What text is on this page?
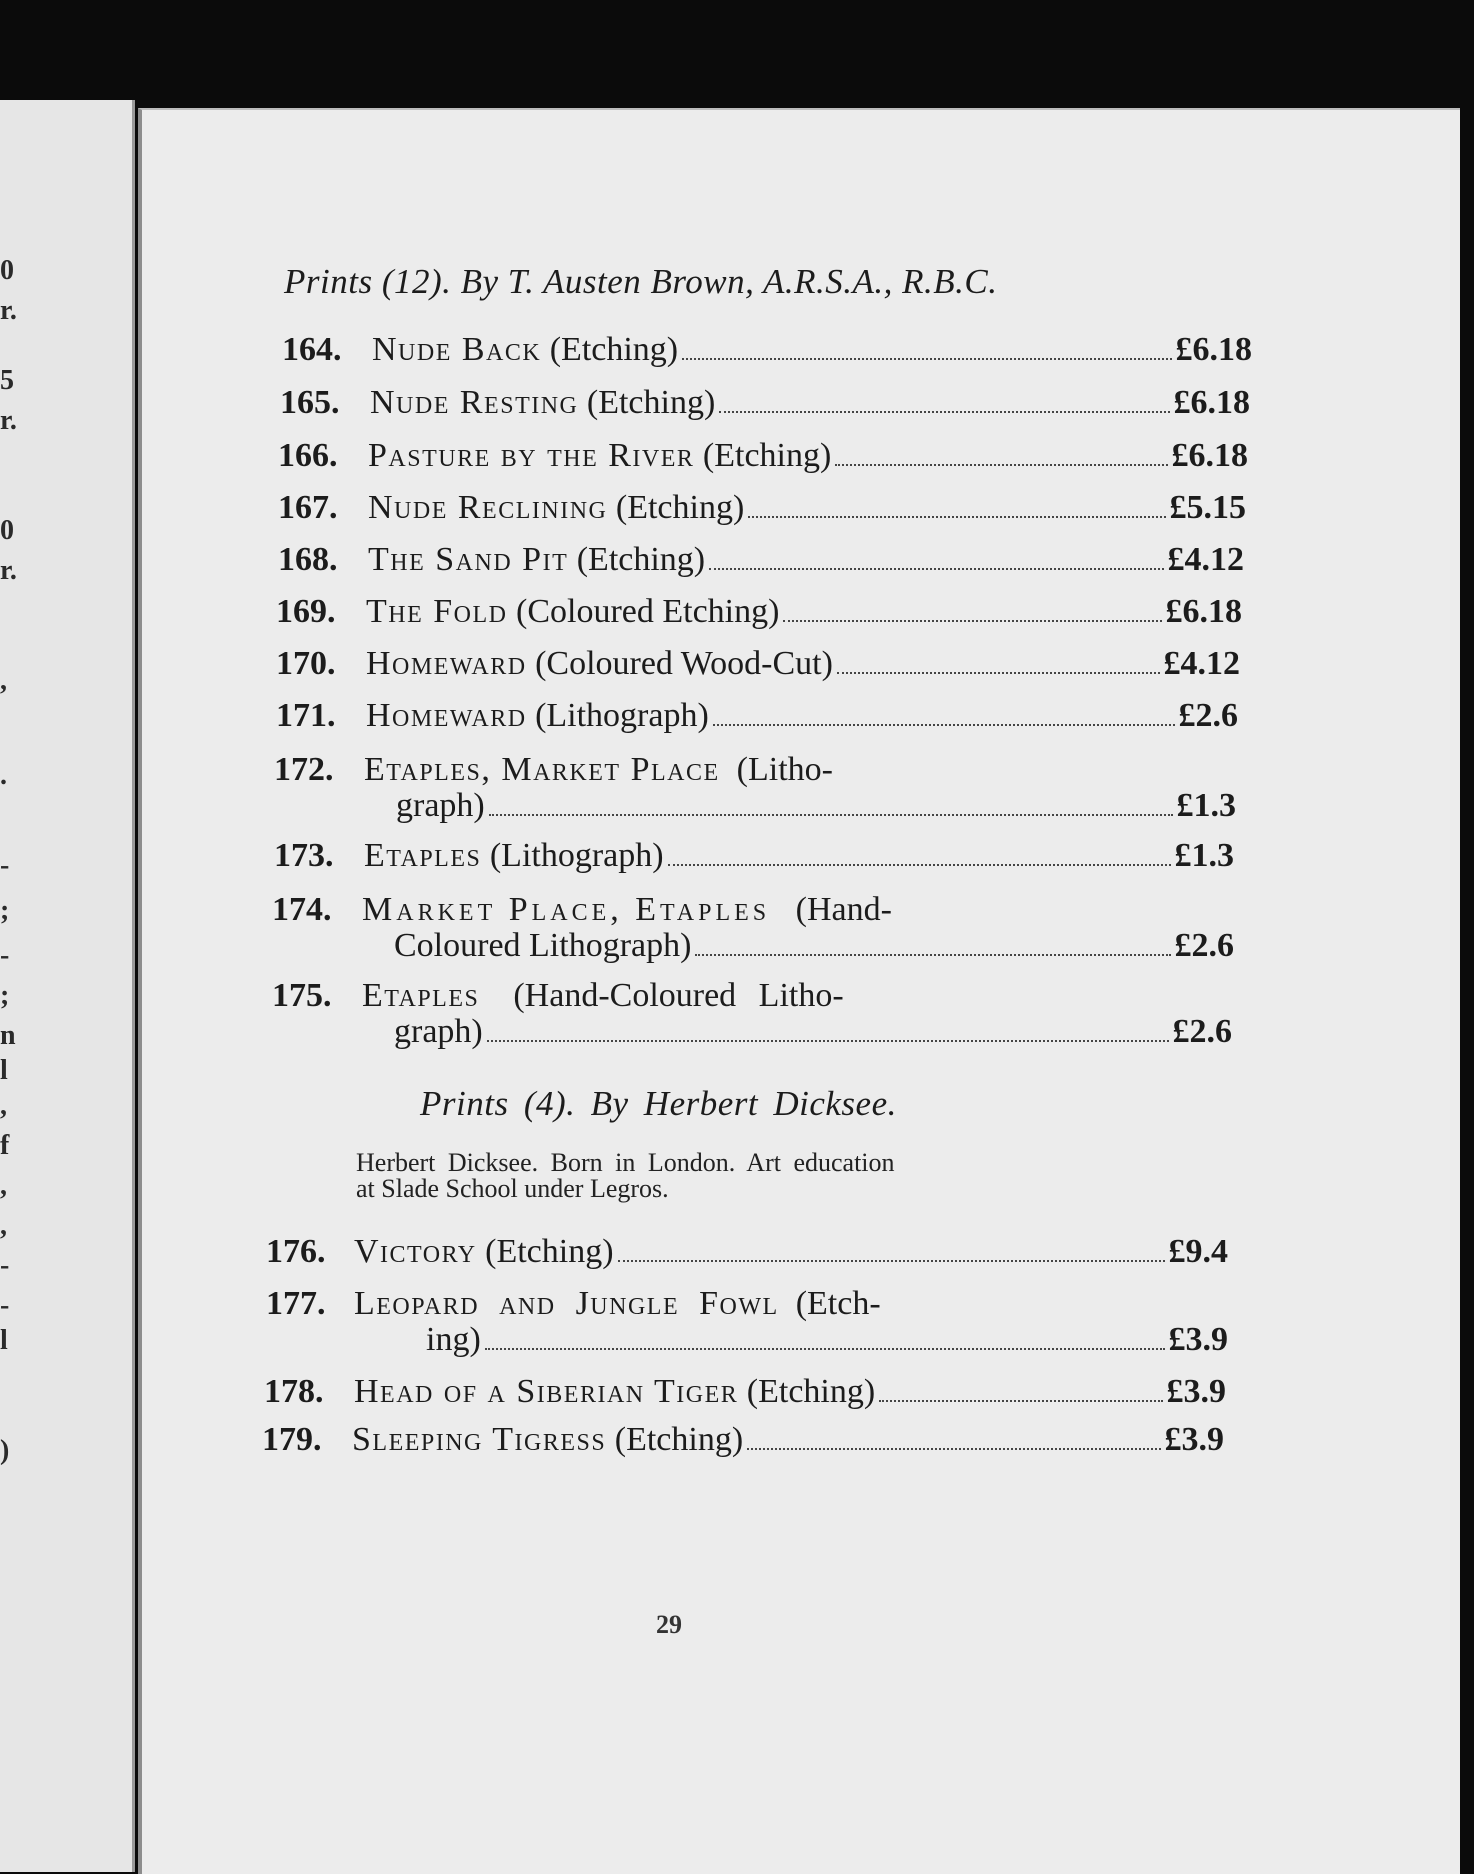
0
r.
5
r.
0
r.
,
.
-
;
-
;
n
l
,
f
,
,
-
-
l
)
Prints (12). By T. Austen Brown, A.R.S.A., R.B.C.
164. Nude Back (Etching)	£6.18
165. Nude Resting (Etching)	£6.18
166. Pasture by the River (Etching)	£6.18
167. Nude Reclining (Etching)	£5.15
168. The Sand Pit (Etching)	£4.12
169. The Fold (Coloured Etching)	£6.18
170. Homeward (Coloured Wood-Cut)	£4.12
171. Homeward (Lithograph)	£2.6
172. Etaples, Market Place (Litho-
graph)	£1.3
173. Etaples (Lithograph)	£1.3
174. Market Place, Etaples (Hand-
Coloured Lithograph)	£2.6
175. Etaples (Hand-Coloured Litho-
graph)	£2.6
Prints (4). By Herbert Dicksee.
Herbert Dicksee. Born in London. Art education
at Slade School under Legros.
176. Victory (Etching)	£9.4
177. Leopard and Jungle Fowl (Etch-
ing)	£3.9
178. Head of a Siberian Tiger (Etching)	£3.9
179. Sleeping Tigress (Etching)	£3.9
29
